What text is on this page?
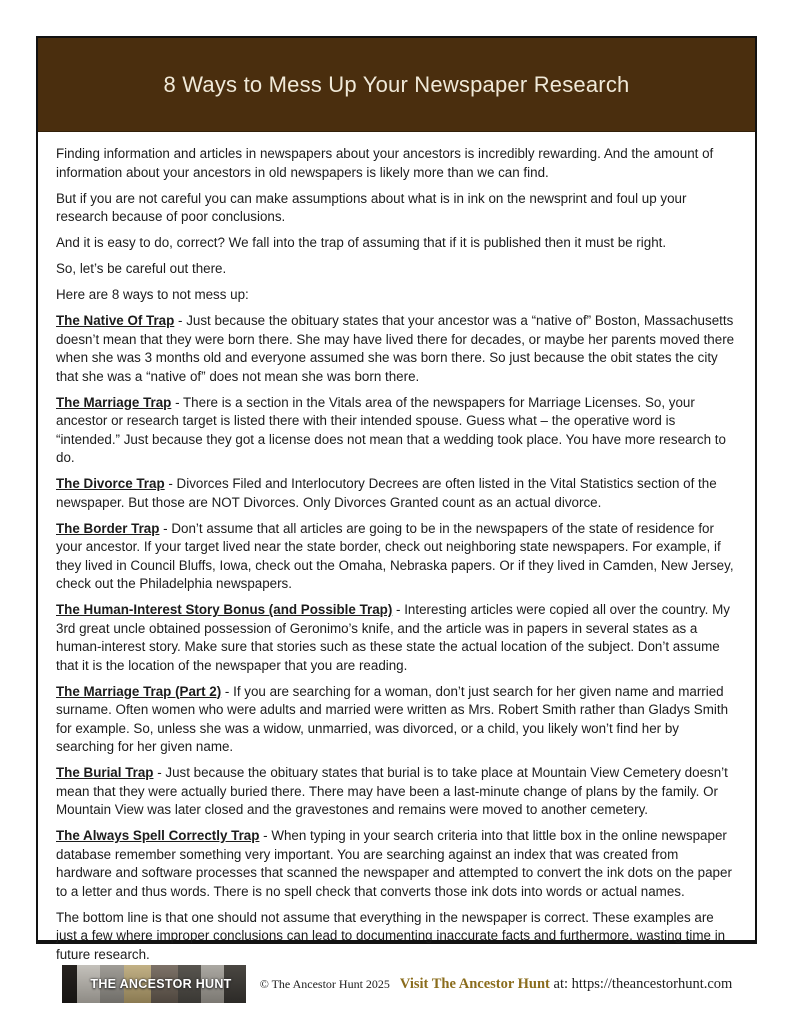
8 Ways to Mess Up Your Newspaper Research

Finding information and articles in newspapers about your ancestors is incredibly rewarding. And the amount of information about your ancestors in old newspapers is likely more than we can find.

But if you are not careful you can make assumptions about what is in ink on the newsprint and foul up your research because of poor conclusions.

And it is easy to do, correct? We fall into the trap of assuming that if it is published then it must be right.

So, let’s be careful out there.

Here are 8 ways to not mess up:

The Native Of Trap - Just because the obituary states that your ancestor was a “native of” Boston, Massachusetts doesn’t mean that they were born there. She may have lived there for decades, or maybe her parents moved there when she was 3 months old and everyone assumed she was born there. So just because the obit states the city that she was a “native of” does not mean she was born there.

The Marriage Trap - There is a section in the Vitals area of the newspapers for Marriage Licenses. So, your ancestor or research target is listed there with their intended spouse. Guess what – the operative word is “intended.” Just because they got a license does not mean that a wedding took place. You have more research to do.

The Divorce Trap - Divorces Filed and Interlocutory Decrees are often listed in the Vital Statistics section of the newspaper. But those are NOT Divorces. Only Divorces Granted count as an actual divorce.

The Border Trap - Don’t assume that all articles are going to be in the newspapers of the state of residence for your ancestor. If your target lived near the state border, check out neighboring state newspapers. For example, if they lived in Council Bluffs, Iowa, check out the Omaha, Nebraska papers. Or if they lived in Camden, New Jersey, check out the Philadelphia newspapers.

The Human-Interest Story Bonus (and Possible Trap) - Interesting articles were copied all over the country. My 3rd great uncle obtained possession of Geronimo’s knife, and the article was in papers in several states as a human-interest story. Make sure that stories such as these state the actual location of the subject. Don’t assume that it is the location of the newspaper that you are reading.

The Marriage Trap (Part 2) - If you are searching for a woman, don’t just search for her given name and married surname. Often women who were adults and married were written as Mrs. Robert Smith rather than Gladys Smith for example. So, unless she was a widow, unmarried, was divorced, or a child, you likely won’t find her by searching for her given name.

The Burial Trap - Just because the obituary states that burial is to take place at Mountain View Cemetery doesn’t mean that they were actually buried there. There may have been a last-minute change of plans by the family. Or Mountain View was later closed and the gravestones and remains were moved to another cemetery.

The Always Spell Correctly Trap - When typing in your search criteria into that little box in the online newspaper database remember something very important. You are searching against an index that was created from hardware and software processes that scanned the newspaper and attempted to convert the ink dots on the paper to a letter and thus words. There is no spell check that converts those ink dots into words or actual names.

The bottom line is that one should not assume that everything in the newspaper is correct. These examples are just a few where improper conclusions can lead to documenting inaccurate facts and furthermore, wasting time in future research.

THE ANCESTOR HUNT	© The Ancestor Hunt 2025 Visit The Ancestor Hunt at: https://theancestorhunt.com
